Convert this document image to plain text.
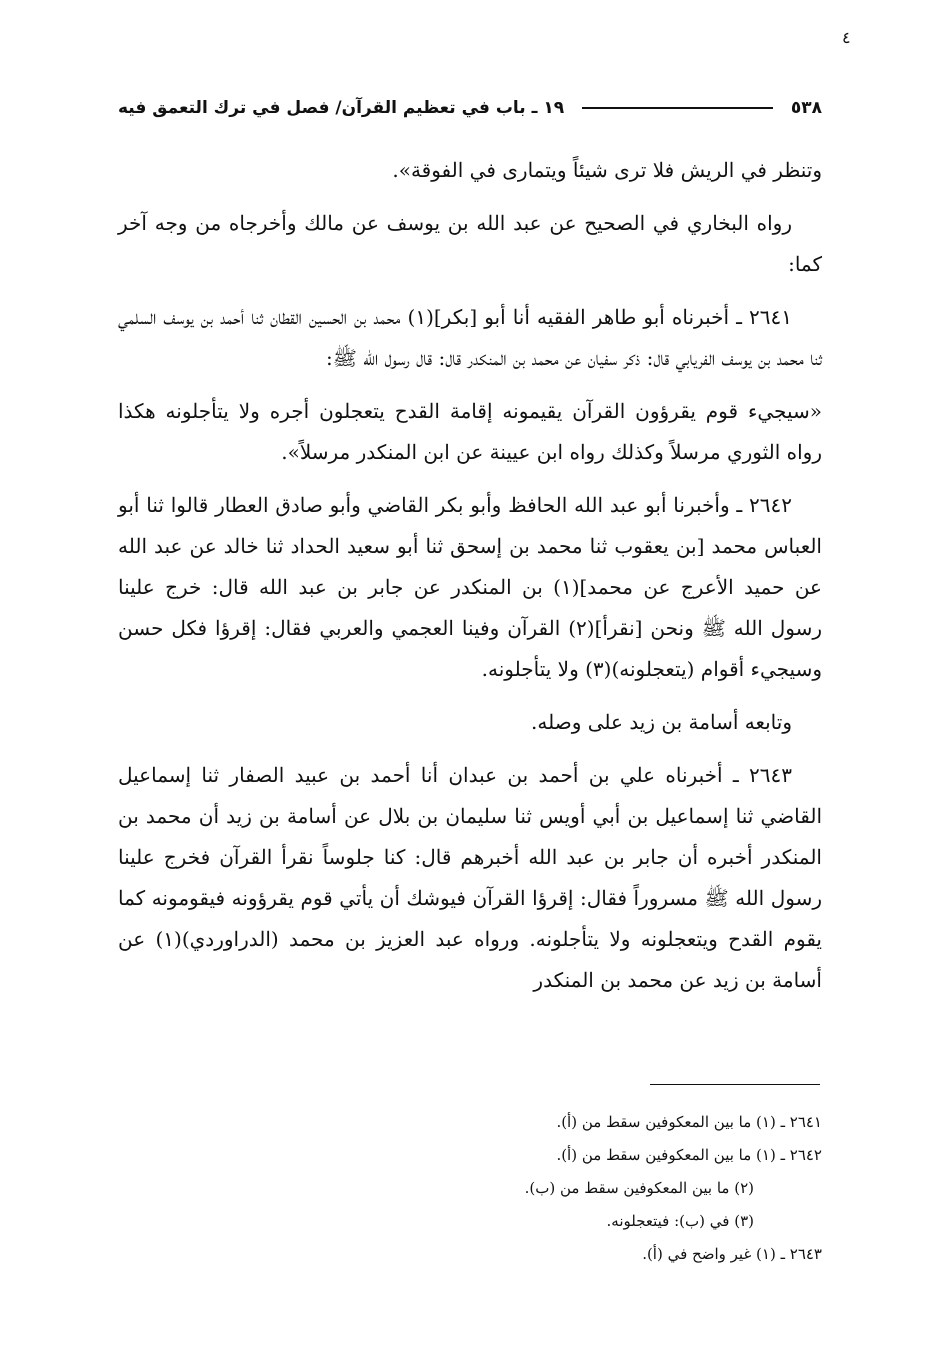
٤
٥٣٨
١٩ ـ باب في تعظيم القرآن/ فصل في ترك التعمق فيه

وتنظر في الريش فلا ترى شيئاً ويتمارى في الفوقة».

رواه البخاري في الصحيح عن عبد الله بن يوسف عن مالك وأخرجاه من وجه آخر كما:

٢٦٤١ ـ أخبرناه أبو طاهر الفقيه أنا أبو [بكر](١) محمد بن الحسين القطان ثنا أحمد بن يوسف السلمي ثنا محمد بن يوسف الفريابي قال: ذكر سفيان عن محمد بن المنكدر قال: قال رسول الله ﷺ:

«سيجيء قوم يقرؤون القرآن يقيمونه إقامة القدح يتعجلون أجره ولا يتأجلونه هكذا رواه الثوري مرسلاً وكذلك رواه ابن عيينة عن ابن المنكدر مرسلاً».

٢٦٤٢ ـ وأخبرنا أبو عبد الله الحافظ وأبو بكر القاضي وأبو صادق العطار قالوا ثنا أبو العباس محمد [بن يعقوب ثنا محمد بن إسحق ثنا أبو سعيد الحداد ثنا خالد عن عبد الله عن حميد الأعرج عن محمد](١) بن المنكدر عن جابر بن عبد الله قال: خرج علينا رسول الله ﷺ ونحن [نقرأ](٢) القرآن وفينا العجمي والعربي فقال: إقرؤا فكل حسن وسيجيء أقوام (يتعجلونه)(٣) ولا يتأجلونه.

وتابعه أسامة بن زيد على وصله.

٢٦٤٣ ـ أخبرناه علي بن أحمد بن عبدان أنا أحمد بن عبيد الصفار ثنا إسماعيل القاضي ثنا إسماعيل بن أبي أويس ثنا سليمان بن بلال عن أسامة بن زيد أن محمد بن المنكدر أخبره أن جابر بن عبد الله أخبرهم قال: كنا جلوساً نقرأ القرآن فخرج علينا رسول الله ﷺ مسروراً فقال: إقرؤا القرآن فيوشك أن يأتي قوم يقرؤونه فيقومونه كما يقوم القدح ويتعجلونه ولا يتأجلونه. ورواه عبد العزيز بن محمد (الدراوردي)(١) عن أسامة بن زيد عن محمد بن المنكدر

٢٦٤١ ـ (١) ما بين المعكوفين سقط من (أ).
٢٦٤٢ ـ (١) ما بين المعكوفين سقط من (أ).
(٢) ما بين المعكوفين سقط من (ب).
(٣) في (ب): فيتعجلونه.
٢٦٤٣ ـ (١) غير واضح في (أ).
